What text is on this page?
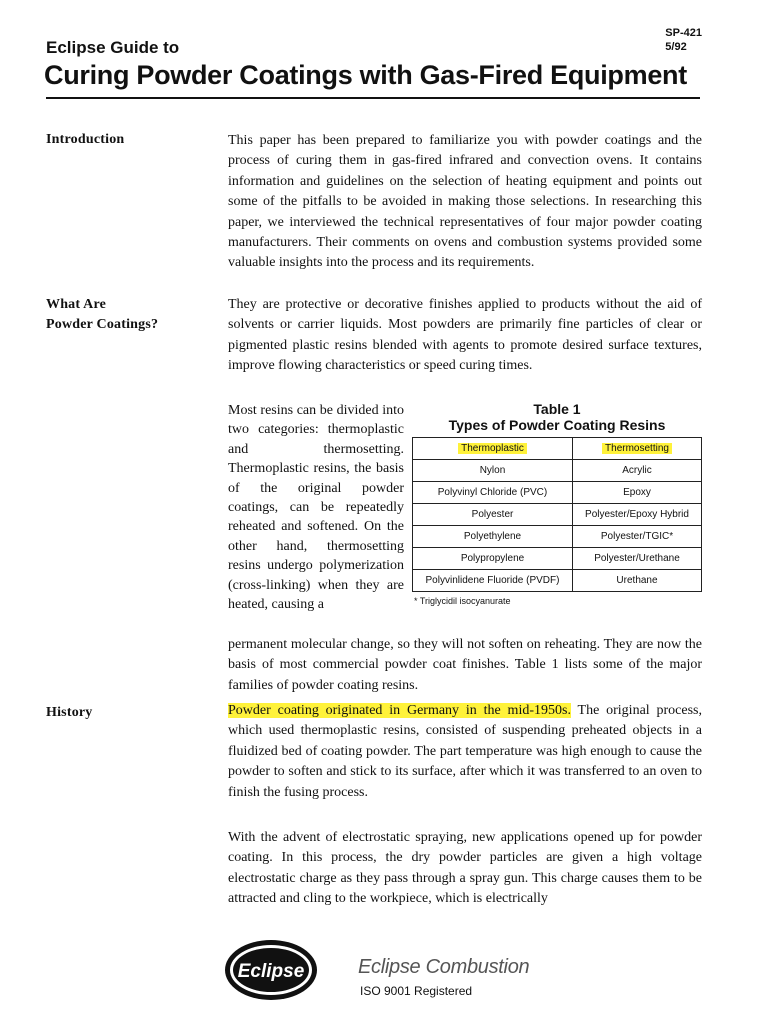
SP-421
5/92
Eclipse Guide to
Curing Powder Coatings with Gas-Fired Equipment
Introduction	This paper has been prepared to familiarize you with powder coatings and the process of curing them in gas-fired infrared and convection ovens. It contains information and guidelines on the selection of heating equipment and points out some of the pitfalls to be avoided in making those selections. In researching this paper, we interviewed the technical representatives of four major powder coating manufacturers. Their comments on ovens and combustion systems provided some valuable insights into the process and its requirements.
What Are
Powder Coatings?
They are protective or decorative finishes applied to products without the aid of solvents or carrier liquids. Most powders are primarily fine particles of clear or pigmented plastic resins blended with agents to promote desired surface textures, improve flowing characteristics or speed curing times.
Most resins can be divided into two categories: thermoplastic and thermosetting. Thermoplastic resins, the basis of the original powder coatings, can be repeatedly reheated and softened. On the other hand, thermosetting resins undergo polymerization (cross-linking) when they are heated, causing a
permanent molecular change, so they will not soften on reheating. They are now the basis of most commercial powder coat finishes. Table 1 lists some of the major families of powder coating resins.
Table 1
Types of Powder Coating Resins
Thermoplastic	Thermosetting
Nylon	Acrylic
Polyvinyl Chloride (PVC)	Epoxy
Polyester	Polyester/Epoxy Hybrid
Polyethylene	Polyester/TGIC*
Polypropylene	Polyester/Urethane
Polyvinlidene Fluoride (PVDF)	Urethane
* Triglycidil isocyanurate
History	Powder coating originated in Germany in the mid-1950s. The original process, which used thermoplastic resins, consisted of suspending preheated objects in a fluidized bed of coating powder. The part temperature was high enough to cause the powder to soften and stick to its surface, after which it was transferred to an oven to finish the fusing process.
With the advent of electrostatic spraying, new applications opened up for powder coating. In this process, the dry powder particles are given a high voltage electrostatic charge as they pass through a spray gun. This charge causes them to be attracted and cling to the workpiece, which is electrically
Eclipse	Eclipse Combustion
ISO 9001 Registered
